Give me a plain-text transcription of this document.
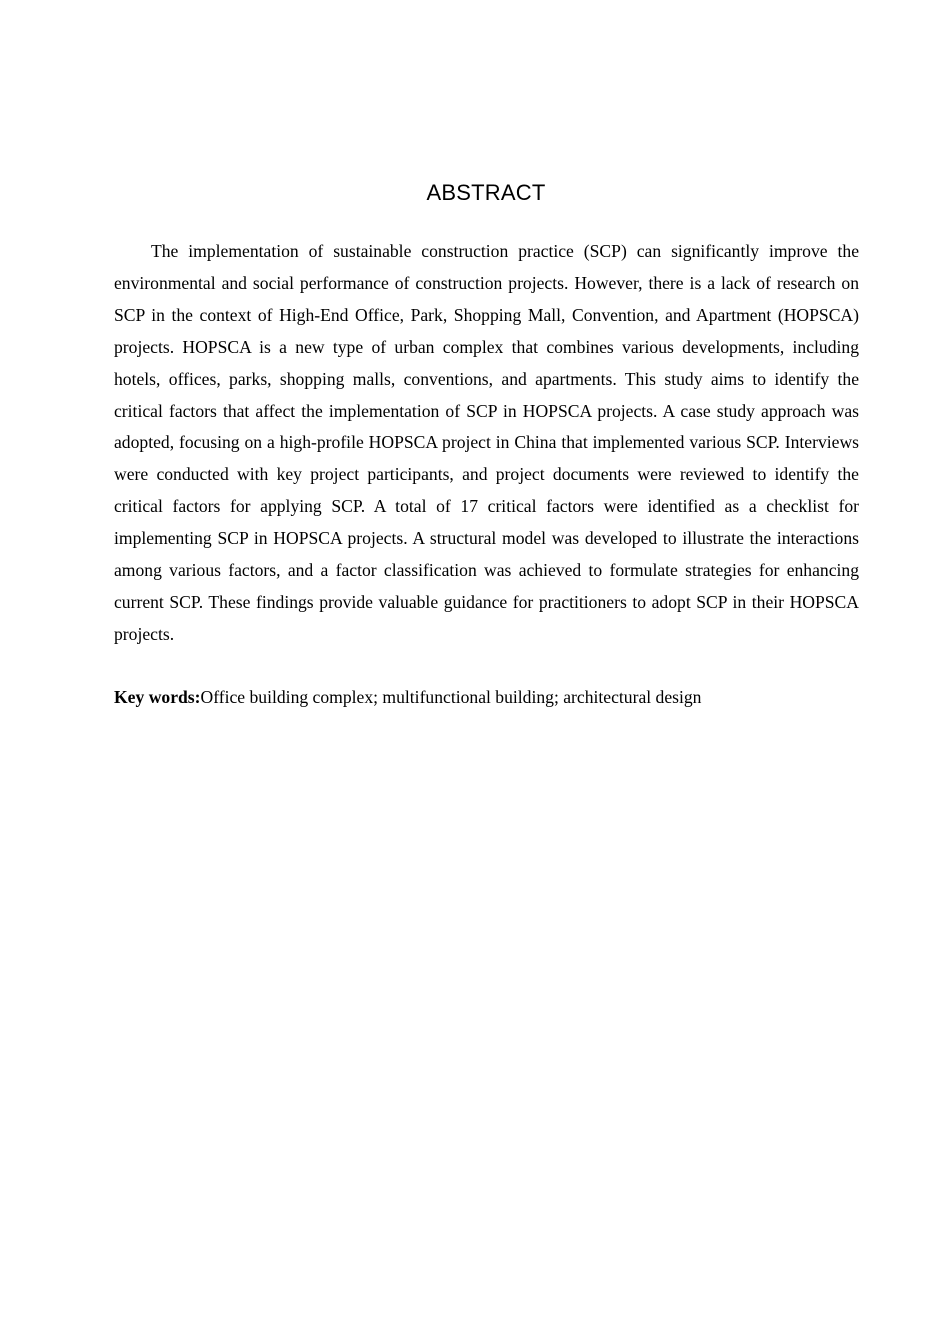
ABSTRACT

The implementation of sustainable construction practice (SCP) can significantly improve the environmental and social performance of construction projects. However, there is a lack of research on SCP in the context of High-End Office, Park, Shopping Mall, Convention, and Apartment (HOPSCA) projects. HOPSCA is a new type of urban complex that combines various developments, including hotels, offices, parks, shopping malls, conventions, and apartments. This study aims to identify the critical factors that affect the implementation of SCP in HOPSCA projects. A case study approach was adopted, focusing on a high-profile HOPSCA project in China that implemented various SCP. Interviews were conducted with key project participants, and project documents were reviewed to identify the critical factors for applying SCP. A total of 17 critical factors were identified as a checklist for implementing SCP in HOPSCA projects. A structural model was developed to illustrate the interactions among various factors, and a factor classification was achieved to formulate strategies for enhancing current SCP. These findings provide valuable guidance for practitioners to adopt SCP in their HOPSCA projects.

Key words:Office building complex; multifunctional building; architectural design
